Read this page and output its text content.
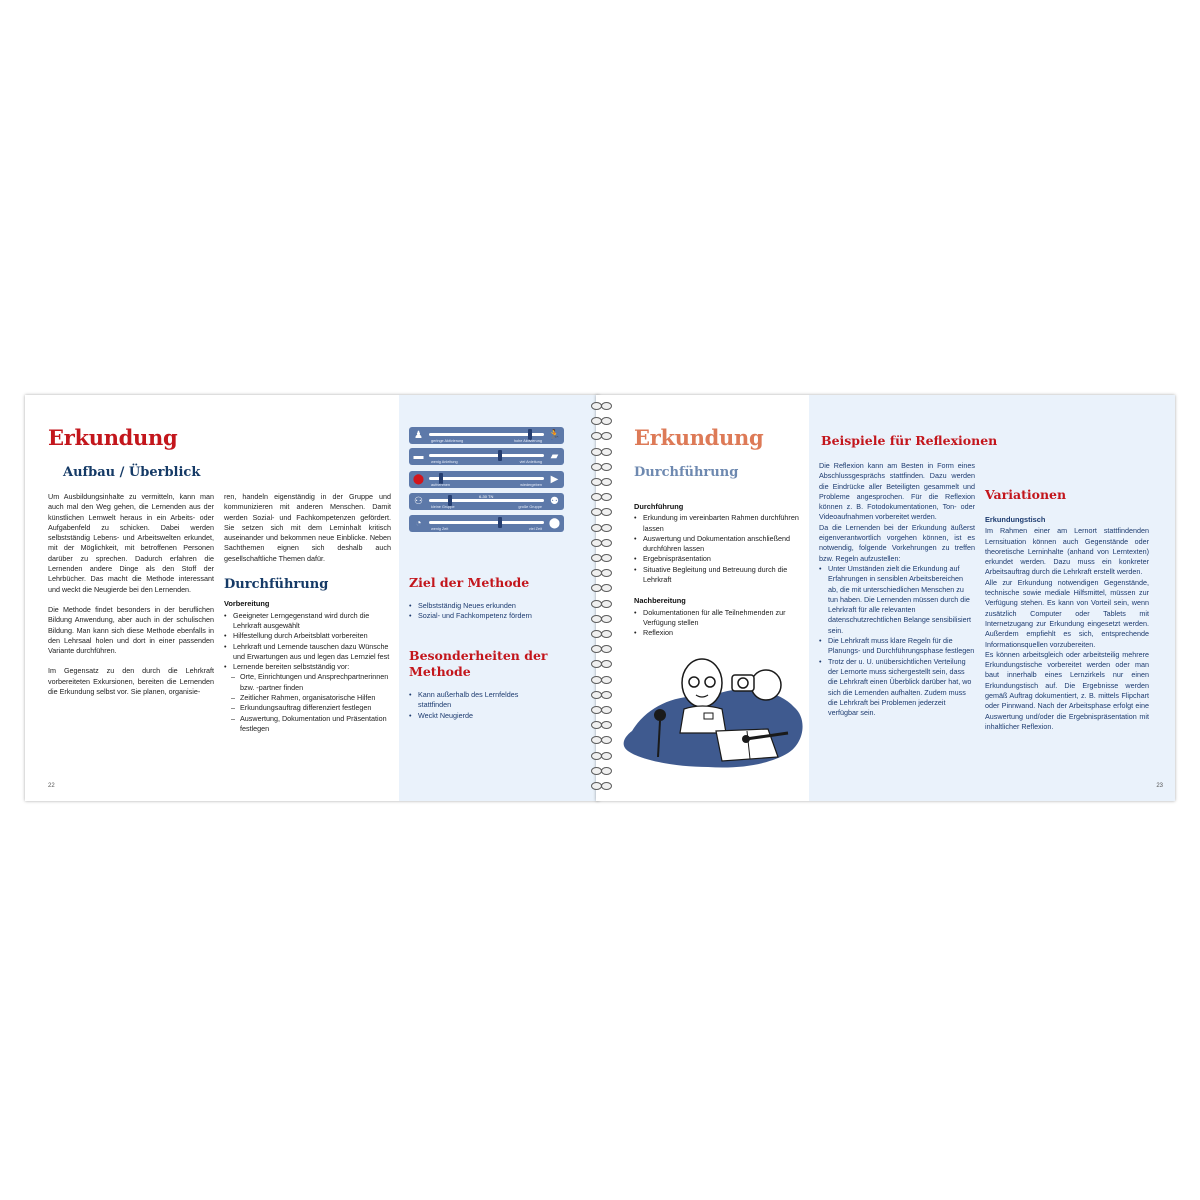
Erkundung
Aufbau / Überblick
Um Ausbildungsinhalte zu vermitteln, kann man auch mal den Weg gehen, die Lernenden aus der künstlichen Lernwelt heraus in ein Arbeits- oder Aufgabenfeld zu schicken. Dabei werden selbstständig Lebens- und Arbeitswelten erkundet, mit der Möglichkeit, mit betroffenen Personen darüber zu sprechen. Dadurch erfahren die Lernenden andere Dinge als den Stoff der Lehrbücher. Das macht die Methode interessant und weckt die Neugierde bei den Lernenden.
Die Methode findet besonders in der beruflichen Bildung Anwendung, aber auch in der schulischen Bildung. Man kann sich diese Methode ebenfalls in den Lehrsaal holen und dort in einer passenden Variante durchführen.
Im Gegensatz zu den durch die Lehrkraft vorbereiteten Exkursionen, bereiten die Lernenden die Erkundung selbst vor. Sie planen, organisie-
ren, handeln eigenständig in der Gruppe und kommunizieren mit anderen Menschen. Damit werden Sozial- und Fachkompetenzen gefördert. Sie setzen sich mit dem Lerninhalt kritisch auseinander und bekommen neue Einblicke. Neben Sachthemen eignen sich deshalb auch gesellschaftliche Themen dafür.
Durchführung
Vorbereitung
• Geeigneter Lerngegenstand wird durch die Lehrkraft ausgewählt
• Hilfestellung durch Arbeitsblatt vorbereiten
• Lehrkraft und Lernende tauschen dazu Wünsche und Erwartungen aus und legen das Lernziel fest
• Lernende bereiten selbstständig vor:
– Orte, Einrichtungen und Ansprechpartnerinnen bzw. -partner finden
– Zeitlicher Rahmen, organisatorische Hilfen
– Erkundungsauftrag differenziert festlegen
– Auswertung, Dokumentation und Präsentation festlegen
22
♟	geringe Aktivierung	hohe Aktivierung 🏃
▬	wenig Anleitung	viel Anleitung ▰
⬤ aufnehmen	wiedergeben ▶
⚇	6-30 TN
kleine Gruppe	große Gruppe ⚉
◔	wenig Zeit	viel Zeit ⬤
Ziel der Methode
• Selbstständig Neues erkunden
• Sozial- und Fachkompetenz fördern
Besonderheiten der Methode
• Kann außerhalb des Lernfeldes stattfinden
• Weckt Neugierde
Erkundung
Durchführung
Durchführung
• Erkundung im vereinbarten Rahmen durchführen lassen
• Auswertung und Dokumentation anschließend durchführen lassen
• Ergebnispräsentation
• Situative Begleitung und Betreuung durch die Lehrkraft
Nachbereitung
• Dokumentationen für alle Teilnehmenden zur Verfügung stellen
• Reflexion
Beispiele für Reflexionen
Die Reflexion kann am Besten in Form eines Abschlussgesprächs stattfinden. Dazu werden die Eindrücke aller Beteiligten gesammelt und Probleme angesprochen. Für die Reflexion können z. B. Fotodokumentationen, Ton- oder Videoaufnahmen vorbereitet werden.
Da die Lernenden bei der Erkundung äußerst eigenverantwortlich vorgehen können, ist es notwendig, folgende Vorkehrungen zu treffen bzw. Regeln aufzustellen:
• Unter Umständen zielt die Erkundung auf Erfahrungen in sensiblen Arbeitsbereichen ab, die mit unterschiedlichen Menschen zu tun haben. Die Lernenden müssen durch die Lehrkraft für alle relevanten datenschutzrechtlichen Belange sensibilisiert sein.
• Die Lehrkraft muss klare Regeln für die Planungs- und Durchführungsphase festlegen
• Trotz der u. U. unübersichtlichen Verteilung der Lernorte muss sichergestellt sein, dass die Lehrkraft einen Überblick darüber hat, wo sich die Lernenden aufhalten. Zudem muss die Lehrkraft bei Problemen jederzeit verfügbar sein.
Variationen
Erkundungstisch
Im Rahmen einer am Lernort stattfindenden Lernsituation können auch Gegenstände oder theoretische Lerninhalte (anhand von Lerntexten) erkundet werden. Dazu muss ein konkreter Arbeitsauftrag durch die Lehrkraft erstellt werden.
Alle zur Erkundung notwendigen Gegenstände, technische sowie mediale Hilfsmittel, müssen zur Verfügung stehen. Es kann von Vorteil sein, wenn zusätzlich Computer oder Tablets mit Internetzugang zur Erkundung eingesetzt werden. Außerdem empfiehlt es sich, entsprechende Informationsquellen vorzubereiten.
Es können arbeitsgleich oder arbeitsteilig mehrere Erkundungstische vorbereitet werden oder man baut innerhalb eines Lernzirkels nur einen Erkundungstisch auf. Die Ergebnisse werden gemäß Auftrag dokumentiert, z. B. mittels Flipchart oder Pinnwand. Nach der Arbeitsphase erfolgt eine Auswertung und/oder die Ergebnispräsentation mit inhaltlicher Reflexion.
23
